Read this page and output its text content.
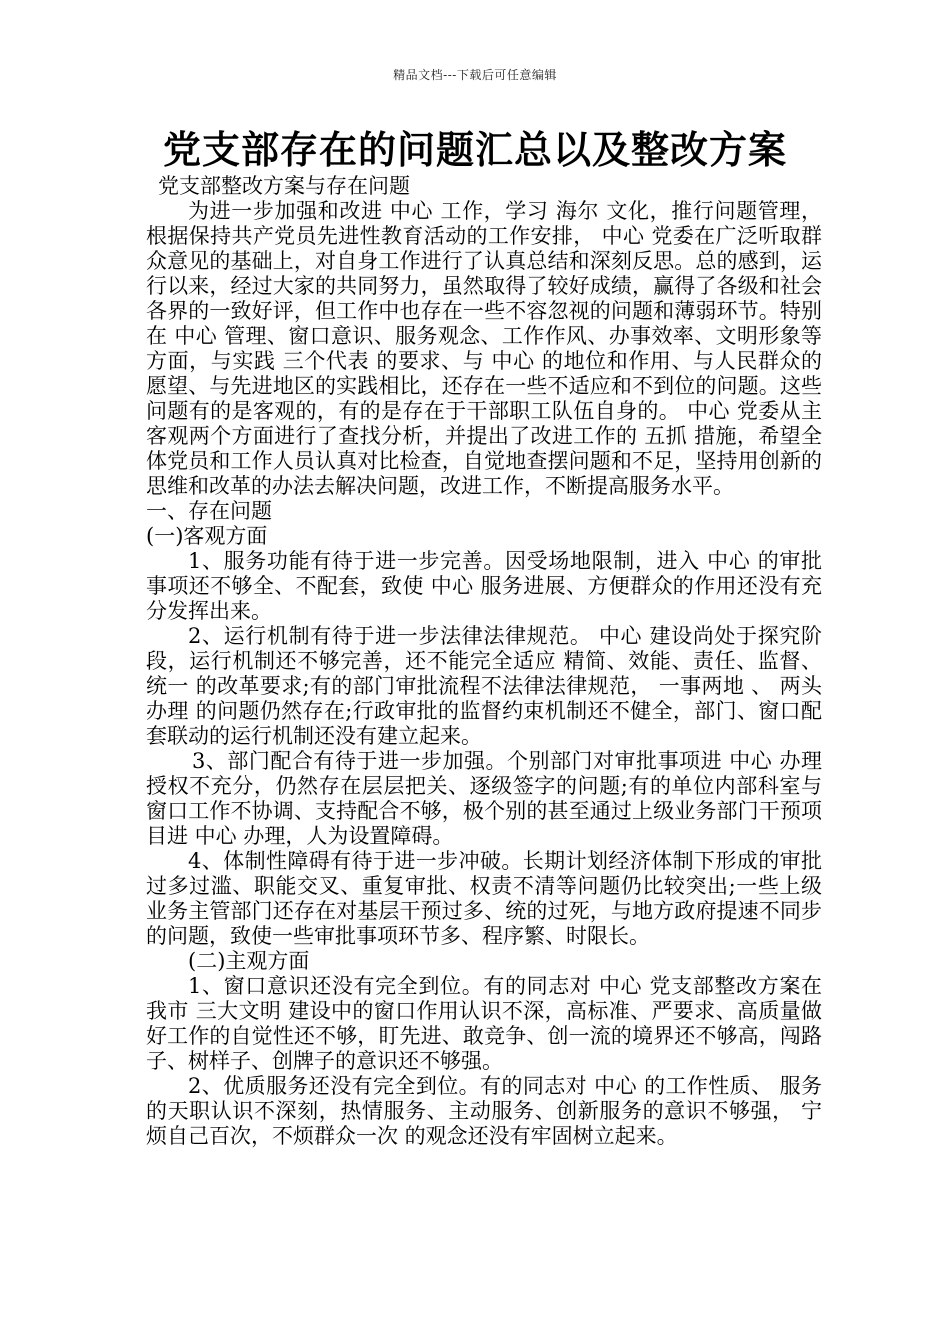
精品文档---下载后可任意编辑
党支部存在的问题汇总以及整改方案

党支部整改方案与存在问题

为进一步加强和改进 中心 工作，学习 海尔 文化，推行问题管理，根据保持共产党员先进性教育活动的工作安排， 中心 党委在广泛听取群众意见的基础上，对自身工作进行了认真总结和深刻反思。总的感到，运行以来，经过大家的共同努力，虽然取得了较好成绩，赢得了各级和社会各界的一致好评，但工作中也存在一些不容忽视的问题和薄弱环节。特别在 中心 管理、窗口意识、服务观念、工作作风、办事效率、文明形象等方面，与实践 三个代表 的要求、与 中心 的地位和作用、与人民群众的愿望、与先进地区的实践相比，还存在一些不适应和不到位的问题。这些问题有的是客观的，有的是存在于干部职工队伍自身的。 中心 党委从主客观两个方面进行了查找分析，并提出了改进工作的 五抓 措施，希望全体党员和工作人员认真对比检查，自觉地查摆问题和不足，坚持用创新的思维和改革的办法去解决问题，改进工作，不断提高服务水平。

一、存在问题

(一)客观方面

1、服务功能有待于进一步完善。因受场地限制，进入 中心 的审批事项还不够全、不配套，致使 中心 服务进展、方便群众的作用还没有充分发挥出来。

2、运行机制有待于进一步法律法律规范。 中心 建设尚处于探究阶段，运行机制还不够完善，还不能完全适应 精简、效能、责任、监督、统一 的改革要求;有的部门审批流程不法律法律规范， 一事两地 、 两头办理 的问题仍然存在;行政审批的监督约束机制还不健全，部门、窗口配套联动的运行机制还没有建立起来。

3、部门配合有待于进一步加强。个别部门对审批事项进 中心 办理授权不充分，仍然存在层层把关、逐级签字的问题;有的单位内部科室与窗口工作不协调、支持配合不够，极个别的甚至通过上级业务部门干预项目进 中心 办理，人为设置障碍。

4、体制性障碍有待于进一步冲破。长期计划经济体制下形成的审批过多过滥、职能交叉、重复审批、权责不清等问题仍比较突出;一些上级业务主管部门还存在对基层干预过多、统的过死，与地方政府提速不同步的问题，致使一些审批事项环节多、程序繁、时限长。

(二)主观方面

1、窗口意识还没有完全到位。有的同志对 中心 党支部整改方案在我市 三大文明 建设中的窗口作用认识不深，高标准、严要求、高质量做好工作的自觉性还不够，盯先进、敢竞争、创一流的境界还不够高，闯路子、树样子、创牌子的意识还不够强。

2、优质服务还没有完全到位。有的同志对 中心 的工作性质、 服务 的天职认识不深刻，热情服务、主动服务、创新服务的意识不够强， 宁烦自己百次，不烦群众一次 的观念还没有牢固树立起来。
